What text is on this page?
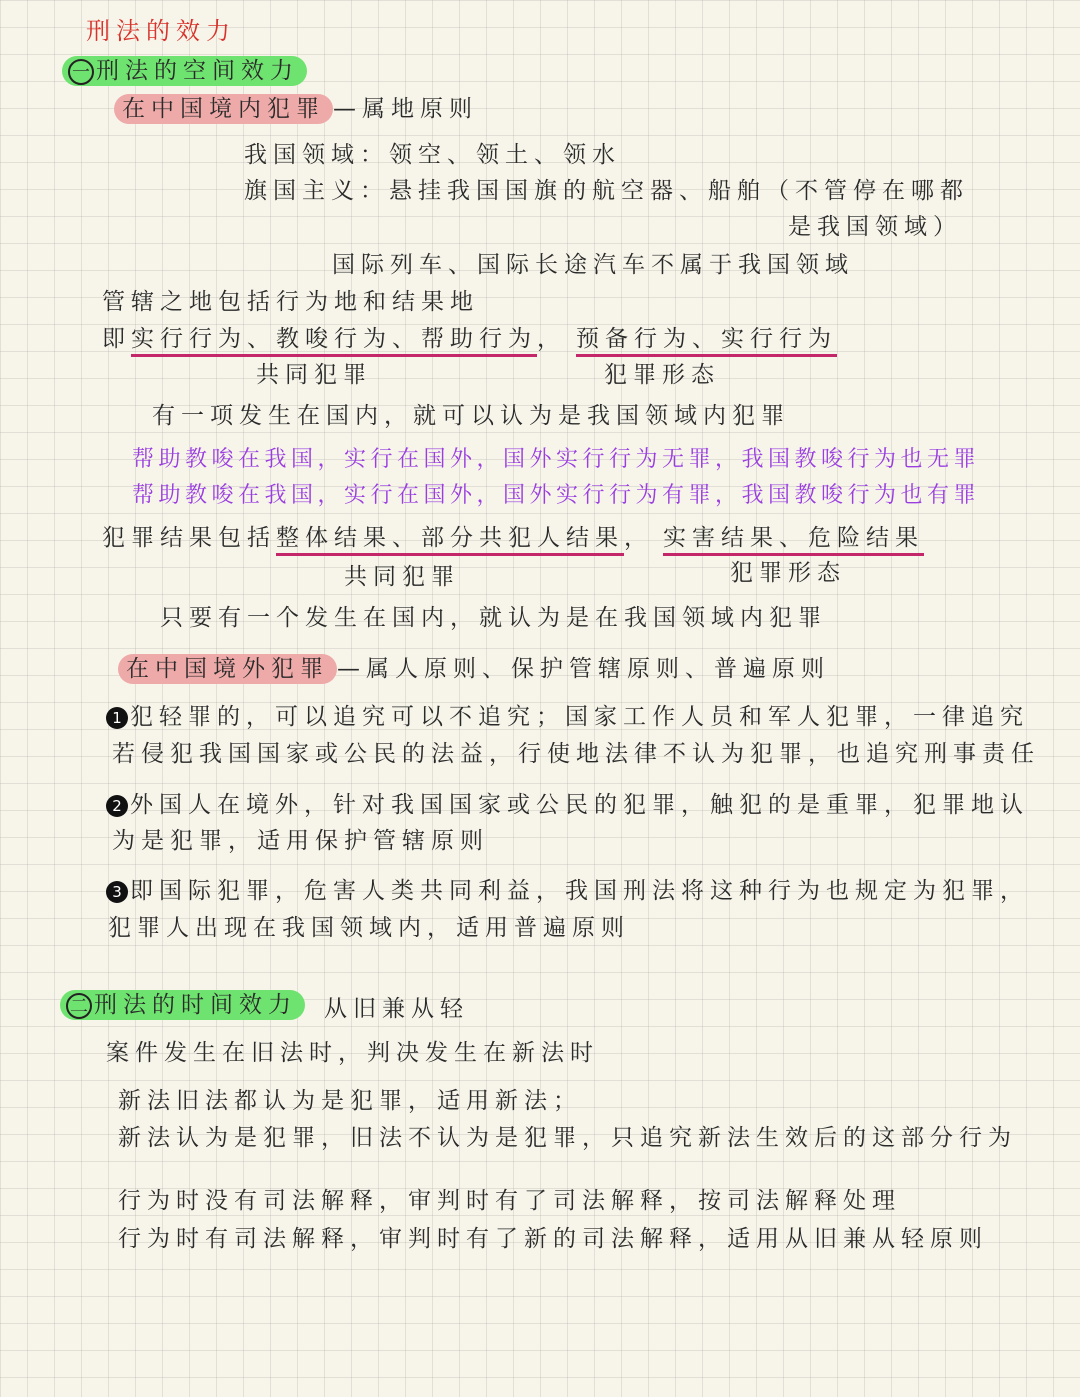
刑法的效力
一 刑法的空间效力
在中国境内犯罪 —属地原则
我国领域：领空、领土、领水
旗国主义：悬挂我国国旗的航空器、船舶（不管停在哪都
是我国领域）
国际列车、国际长途汽车不属于我国领域
管辖之地包括行为地和结果地
即实行行为、教唆行为、帮助行为， 预备行为、实行行为
共同犯罪	犯罪形态
有一项发生在国内，就可以认为是我国领域内犯罪
帮助教唆在我国，实行在国外，国外实行行为无罪，我国教唆行为也无罪
帮助教唆在我国，实行在国外，国外实行行为有罪，我国教唆行为也有罪
犯罪结果包括整体结果、部分共犯人结果， 实害结果、危险结果
共同犯罪	犯罪形态
只要有一个发生在国内，就认为是在我国领域内犯罪
在中国境外犯罪 —属人原则、保护管辖原则、普遍原则
1 犯轻罪的，可以追究可以不追究；国家工作人员和军人犯罪，一律追究
若侵犯我国国家或公民的法益，行使地法律不认为犯罪，也追究刑事责任
2 外国人在境外，针对我国国家或公民的犯罪，触犯的是重罪，犯罪地认
为是犯罪，适用保护管辖原则
3 即国际犯罪，危害人类共同利益，我国刑法将这种行为也规定为犯罪，
犯罪人出现在我国领域内，适用普遍原则
二 刑法的时间效力	从旧兼从轻
案件发生在旧法时，判决发生在新法时
新法旧法都认为是犯罪，适用新法；
新法认为是犯罪，旧法不认为是犯罪，只追究新法生效后的这部分行为
行为时没有司法解释，审判时有了司法解释，按司法解释处理
行为时有司法解释，审判时有了新的司法解释，适用从旧兼从轻原则
